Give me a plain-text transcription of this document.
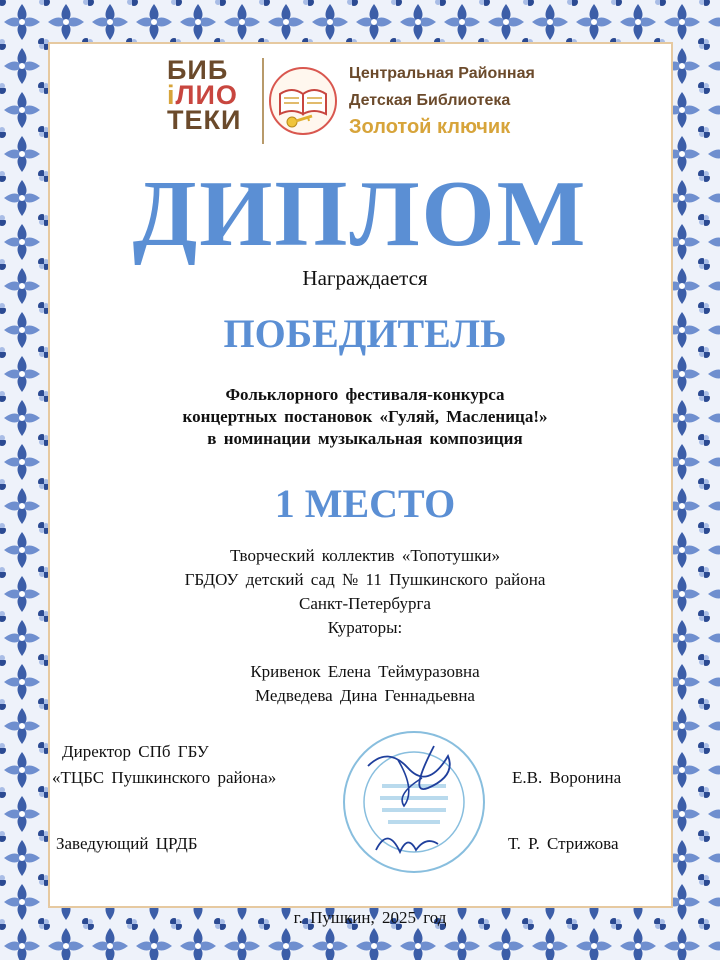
БИБ
iЛИО
ТЕКИ
Центральная Районная
Детская Библиотека
Золотой ключик
ДИПЛОМ
Награждается
ПОБЕДИТЕЛЬ
Фольклорного фестиваля-конкурса
концертных постановок «Гуляй, Масленица!»
в номинации музыкальная композиция
1 МЕСТО
Творческий коллектив «Топотушки»
ГБДОУ детский сад № 11 Пушкинского района
Санкт-Петербурга
Кураторы:
Кривенок Елена Теймуразовна
Медведева Дина Геннадьевна
Директор СПб ГБУ
«ТЦБС Пушкинского района»	Е.В. Воронина
Заведующий ЦРДБ	Т. Р. Стрижова
г. Пушкин, 2025 год
